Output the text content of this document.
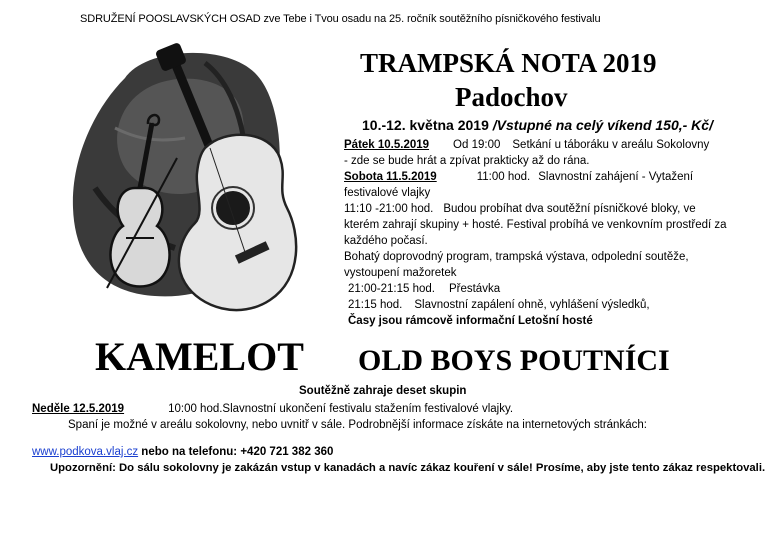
SDRUŽENÍ POOSLAVSKÝCH OSAD zve Tebe i Tvou osadu na 25. ročník soutěžního písničkového festivalu
TRAMPSKÁ NOTA 2019
Padochov
10.-12. května 2019 /Vstupné na celý víkend 150,- Kč/
Pátek 10.5.2019 Od 19:00 Setkání u táboráku v areálu Sokolovny
- zde se bude hrát a zpívat prakticky až do rána.
Sobota 11.5.2019	11:00 hod. Slavnostní zahájení - Vytažení
festivalové vlajky
11:10 -21:00 hod. Budou probíhat dva soutěžní písničkové bloky, ve
kterém zahrají skupiny + hosté. Festival probíhá ve venkovním prostředí za
každého počasí.
Bohatý doprovodný program, trampská výstava, odpolední soutěže,
vystoupení mažoretek
21:00-21:15 hod. Přestávka
21:15 hod. Slavnostní zapálení ohně, vyhlášení výsledků,
Časy jsou rámcově informační Letošní hosté
KAMELOT OLD BOYS POUTNÍCI
Soutěžně zahraje deset skupin
Neděle 12.5.2019	10:00 hod.Slavnostní ukončení festivalu stažením festivalové vlajky.
Spaní je možné v areálu sokolovny, nebo uvnitř v sále. Podrobnější informace získáte na internetových stránkách:
www.podkova.vlaj.cz nebo na telefonu: +420 721 382 360
Upozornění: Do sálu sokolovny je zakázán vstup v kanadách a navíc zákaz kouření v sále! Prosíme, aby jste tento zákaz respektovali.
